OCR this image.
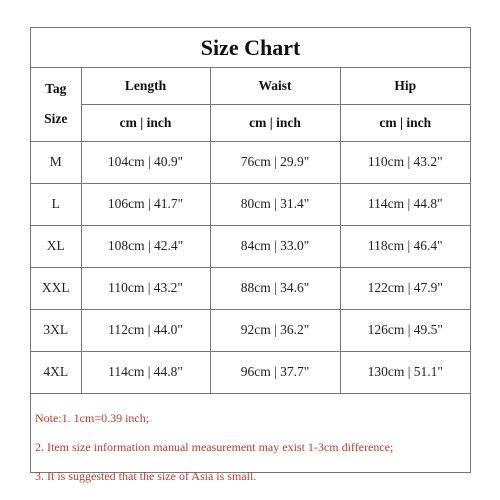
Size Chart
Tag
Size	Length	Waist	Hip
	cm | inch	cm | inch	cm | inch
M	104cm | 40.9"	76cm | 29.9"	110cm | 43.2"
L	106cm | 41.7"	80cm | 31.4"	114cm | 44.8"
XL	108cm | 42.4"	84cm | 33.0"	118cm | 46.4"
XXL	110cm | 43.2"	88cm | 34.6"	122cm | 47.9"
3XL	112cm | 44.0"	92cm | 36.2"	126cm | 49.5"
4XL	114cm | 44.8"	96cm | 37.7"	130cm | 51.1"
Note:1. 1cm=0.39 inch;
2. Item size information manual measurement may exist 1-3cm difference;
3. It is suggested that the size of Asia is small.
